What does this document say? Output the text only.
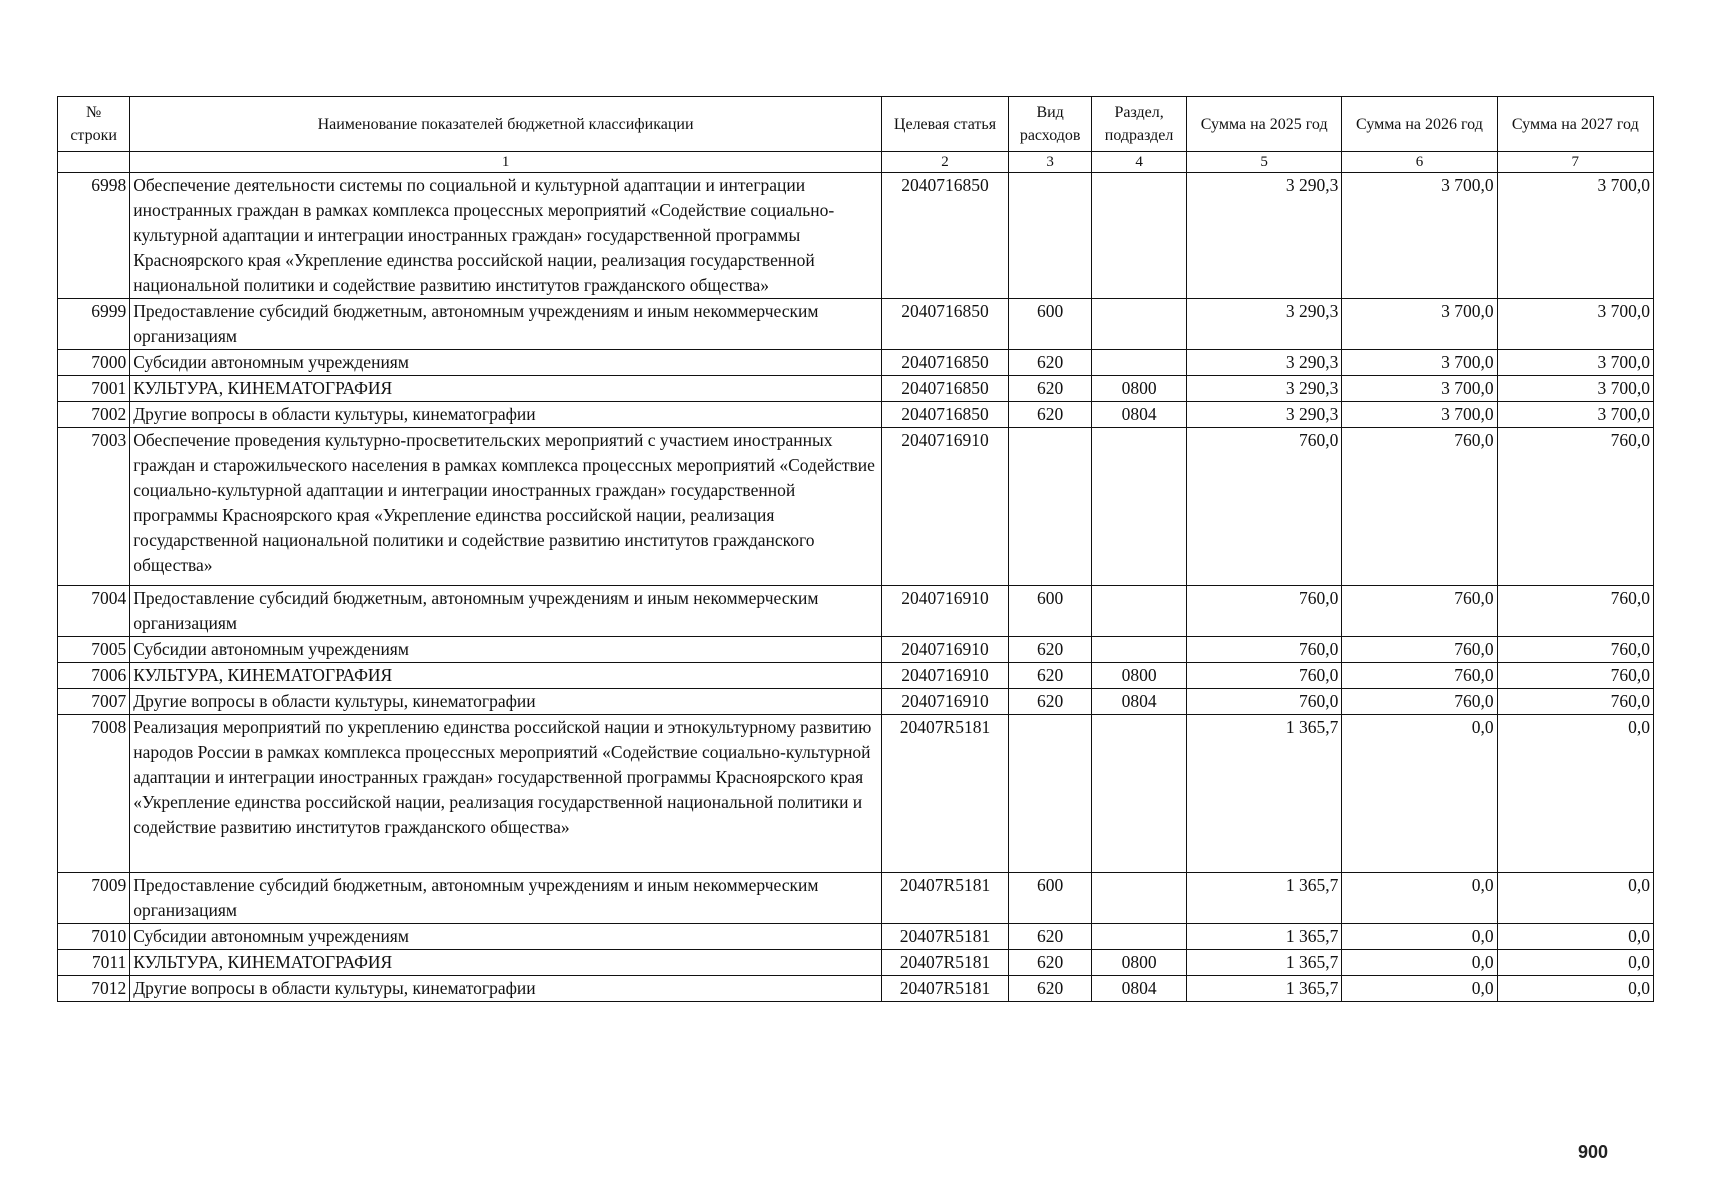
№ строки	Наименование показателей бюджетной классификации	Целевая статья	Вид расходов	Раздел, подраздел	Сумма на 2025 год	Сумма на 2026 год	Сумма на 2027 год
	1	2	3	4	5	6	7
6998	Обеспечение деятельности системы по социальной и культурной адаптации и интеграции иностранных граждан в рамках комплекса процессных мероприятий «Содействие социально-культурной адаптации и интеграции иностранных граждан» государственной программы Красноярского края «Укрепление единства российской нации, реализация государственной национальной политики и содействие развитию институтов гражданского общества»	2040716850			3 290,3	3 700,0	3 700,0
6999	Предоставление субсидий бюджетным, автономным учреждениям и иным некоммерческим организациям	2040716850	600		3 290,3	3 700,0	3 700,0
7000	Субсидии автономным учреждениям	2040716850	620		3 290,3	3 700,0	3 700,0
7001	КУЛЬТУРА, КИНЕМАТОГРАФИЯ	2040716850	620	0800	3 290,3	3 700,0	3 700,0
7002	Другие вопросы в области культуры, кинематографии	2040716850	620	0804	3 290,3	3 700,0	3 700,0
7003	Обеспечение проведения культурно-просветительских мероприятий с участием иностранных граждан и старожильческого населения в рамках комплекса процессных мероприятий «Содействие социально-культурной адаптации и интеграции иностранных граждан» государственной программы Красноярского края «Укрепление единства российской нации, реализация государственной национальной политики и содействие развитию институтов гражданского общества»	2040716910			760,0	760,0	760,0
7004	Предоставление субсидий бюджетным, автономным учреждениям и иным некоммерческим организациям	2040716910	600		760,0	760,0	760,0
7005	Субсидии автономным учреждениям	2040716910	620		760,0	760,0	760,0
7006	КУЛЬТУРА, КИНЕМАТОГРАФИЯ	2040716910	620	0800	760,0	760,0	760,0
7007	Другие вопросы в области культуры, кинематографии	2040716910	620	0804	760,0	760,0	760,0
7008	Реализация мероприятий по укреплению единства российской нации и этнокультурному развитию народов России в рамках комплекса процессных мероприятий «Содействие социально-культурной адаптации и интеграции иностранных граждан» государственной программы Красноярского края «Укрепление единства российской нации, реализация государственной национальной политики и содействие развитию институтов гражданского общества»	20407R5181			1 365,7	0,0	0,0
7009	Предоставление субсидий бюджетным, автономным учреждениям и иным некоммерческим организациям	20407R5181	600		1 365,7	0,0	0,0
7010	Субсидии автономным учреждениям	20407R5181	620		1 365,7	0,0	0,0
7011	КУЛЬТУРА, КИНЕМАТОГРАФИЯ	20407R5181	620	0800	1 365,7	0,0	0,0
7012	Другие вопросы в области культуры, кинематографии	20407R5181	620	0804	1 365,7	0,0	0,0
900
